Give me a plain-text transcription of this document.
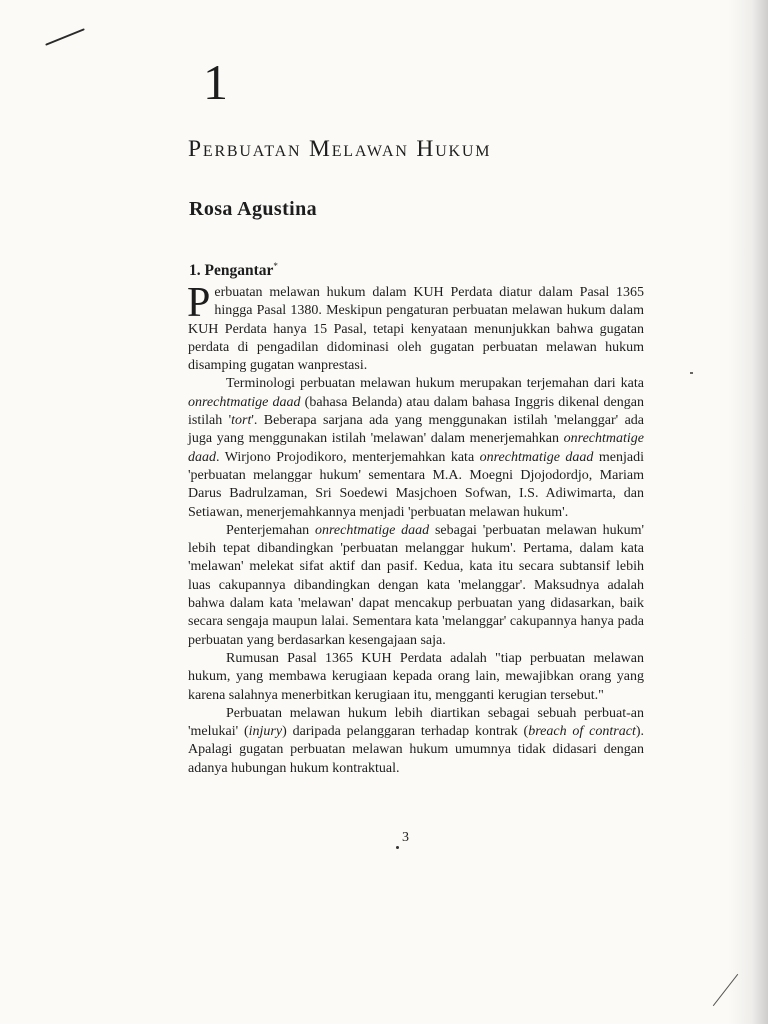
1
Perbuatan Melawan Hukum
Rosa Agustina
1. Pengantar*

Perbuatan melawan hukum dalam KUH Perdata diatur dalam Pasal 1365 hingga Pasal 1380. Meskipun pengaturan perbuatan melawan hukum dalam KUH Perdata hanya 15 Pasal, tetapi kenyataan menunjukkan bahwa gugatan perdata di pengadilan didominasi oleh gugatan perbuatan melawan hukum disamping gugatan wanprestasi.

Terminologi perbuatan melawan hukum merupakan terjemahan dari kata onrechtmatige daad (bahasa Belanda) atau dalam bahasa Inggris dikenal dengan istilah 'tort'. Beberapa sarjana ada yang menggunakan istilah 'melanggar' ada juga yang menggunakan istilah 'melawan' dalam menerjemahkan onrechtmatige daad. Wirjono Projodikoro, menterjemahkan kata onrechtmatige daad menjadi 'perbuatan melanggar hukum' sementara M.A. Moegni Djojodordjo, Mariam Darus Badrulzaman, Sri Soedewi Masjchoen Sofwan, I.S. Adiwimarta, dan Setiawan, menerjemahkannya menjadi 'perbuatan melawan hukum'.

Penterjemahan onrechtmatige daad sebagai 'perbuatan melawan hukum' lebih tepat dibandingkan 'perbuatan melanggar hukum'. Pertama, dalam kata 'melawan' melekat sifat aktif dan pasif. Kedua, kata itu secara subtansif lebih luas cakupannya dibandingkan dengan kata 'melanggar'. Maksudnya adalah bahwa dalam kata 'melawan' dapat mencakup perbuatan yang didasarkan, baik secara sengaja maupun lalai. Sementara kata 'melanggar' cakupannya hanya pada perbuatan yang berdasarkan kesengajaan saja.

Rumusan Pasal 1365 KUH Perdata adalah "tiap perbuatan melawan hukum, yang membawa kerugiaan kepada orang lain, mewajibkan orang yang karena salahnya menerbitkan kerugiaan itu, mengganti kerugian tersebut."

Perbuatan melawan hukum lebih diartikan sebagai sebuah perbuat-an 'melukai' (injury) daripada pelanggaran terhadap kontrak (breach of contract). Apalagi gugatan perbuatan melawan hukum umumnya tidak didasari dengan adanya hubungan hukum kontraktual.

3
